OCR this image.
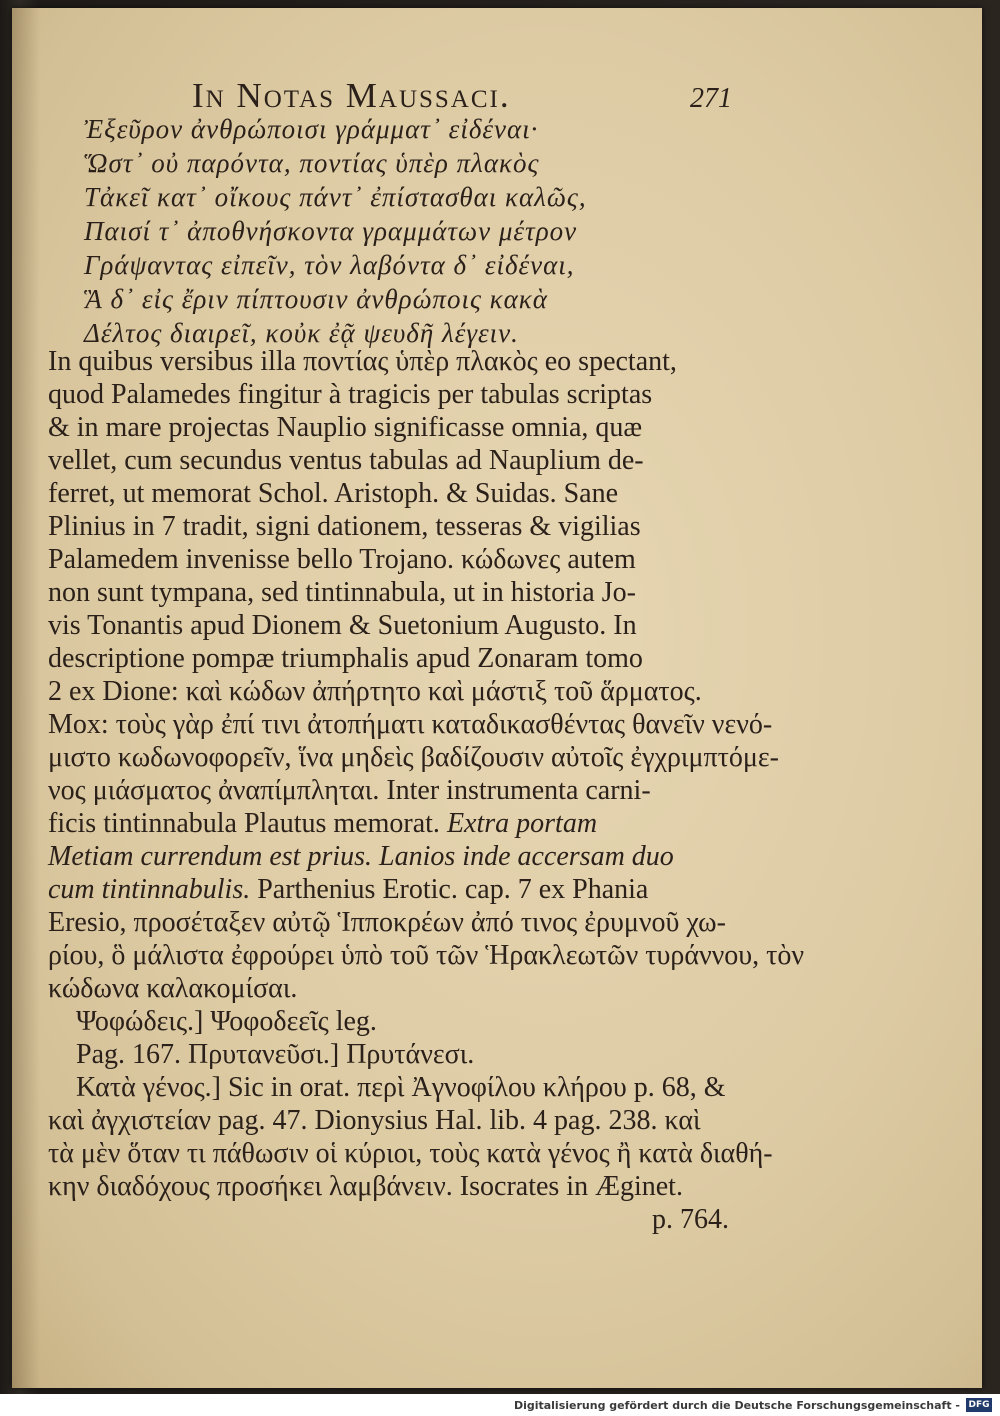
In Notas Maussaci.	271
Ἐξεῦρον ἀνθρώποισι γράμματ᾽ εἰδέναι·
Ὥστ᾽ οὐ παρόντα, ποντίας ὑπὲρ πλακὸς
Τἀκεῖ κατ᾽ οἴκους πάντ᾽ ἐπίστασθαι καλῶς,
Παισί τ᾽ ἀποθνήσκοντα γραμμάτων μέτρον
Γράψαντας εἰπεῖν, τὸν λαβόντα δ᾽ εἰδέναι,
Ἃ δ᾽ εἰς ἔριν πίπτουσιν ἀνθρώποις κακὰ
Δέλτος διαιρεῖ, κοὐκ ἐᾷ ψευδῆ λέγειν.
In quibus versibus illa ποντίας ὑπὲρ πλακὸς eo spectant,
quod Palamedes fingitur à tragicis per tabulas scriptas
& in mare projectas Nauplio significasse omnia, quæ
vellet, cum secundus ventus tabulas ad Nauplium de-
ferret, ut memorat Schol. Aristoph. & Suidas. Sane
Plinius in 7 tradit, signi dationem, tesseras & vigilias
Palamedem invenisse bello Trojano. κώδωνες autem
non sunt tympana, sed tintinnabula, ut in historia Jo-
vis Tonantis apud Dionem & Suetonium Augusto. In
descriptione pompæ triumphalis apud Zonaram tomo
2 ex Dione: καὶ κώδων ἀπήρτητο καὶ μάστιξ τοῦ ἅρματος.
Mox: τοὺς γὰρ ἐπί τινι ἀτοπήματι καταδικασθέντας θανεῖν νενό-
μιστο κωδωνοφορεῖν, ἵνα μηδεὶς βαδίζουσιν αὐτοῖς ἐγχριμπτόμε-
νος μιάσματος ἀναπίμπληται. Inter instrumenta carni-
ficis tintinnabula Plautus memorat. Extra portam
Metiam currendum est prius. Lanios inde accersam duo
cum tintinnabulis. Parthenius Erotic. cap. 7 ex Phania
Eresio, προσέταξεν αὐτῷ Ἱπποκρέων ἀπό τινος ἐρυμνοῦ χω-
ρίου, ὃ μάλιστα ἐφρούρει ὑπὸ τοῦ τῶν Ἡρακλεωτῶν τυράννου, τὸν
κώδωνα καλακομίσαι.
Ψοφώδεις.] Ψοφοδεεῖς leg.
Pag. 167. Πρυτανεῦσι.] Πρυτάνεσι.
Κατὰ γένος.] Sic in orat. περὶ Ἀγνοφίλου κλήρου p. 68, &
καὶ ἀγχιστείαν pag. 47. Dionysius Hal. lib. 4 pag. 238. καὶ
τὰ μὲν ὅταν τι πάθωσιν οἱ κύριοι, τοὺς κατὰ γένος ἢ κατὰ διαθή-
κην διαδόχους προσήκει λαμβάνειν. Isocrates in Æginet.
p. 764.
Digitalisierung gefördert durch die Deutsche Forschungsgemeinschaft - DFG
